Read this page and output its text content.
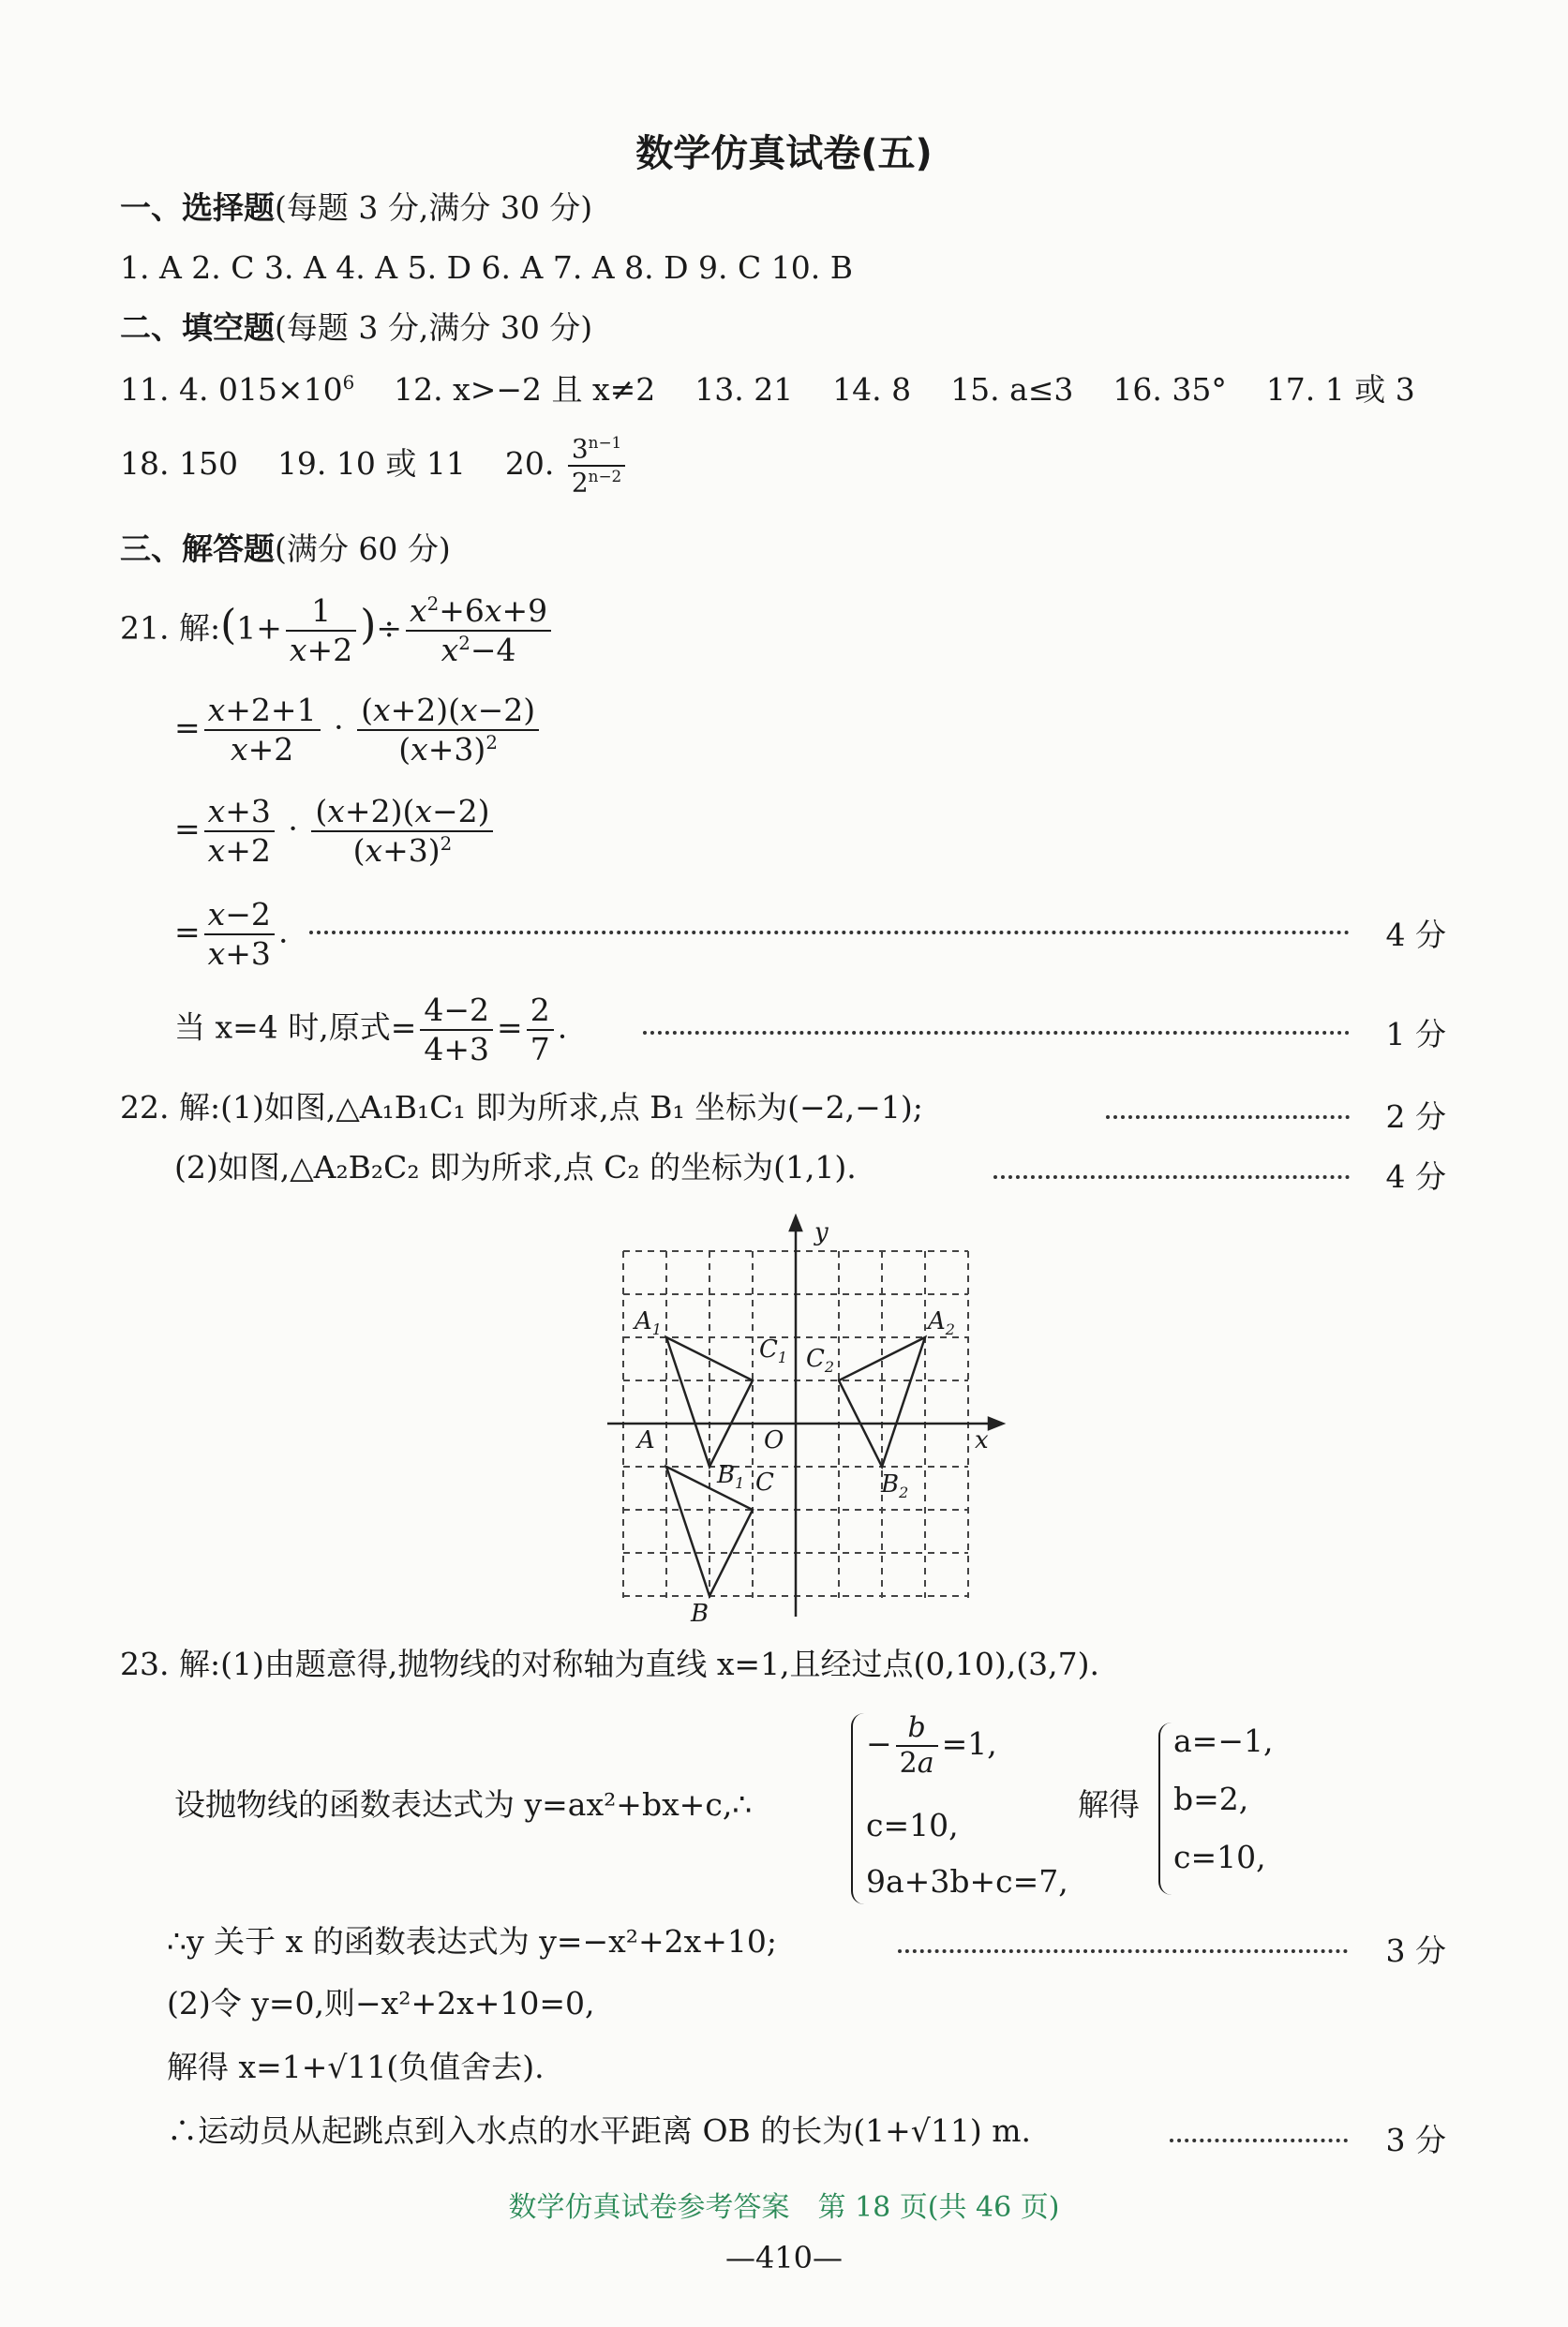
数学仿真试卷(五)
一、选择题(每题 3 分,满分 30 分)
1. A 2. C 3. A 4. A 5. D 6. A 7. A 8. D 9. C 10. B
二、填空题(每题 3 分,满分 30 分)
11. 4. $015\times 10^6$ 12. x>−2 且 x≠2 13. 21 14. 8 15. a≤3 16. 35° 17. 1 或 3
18. 150 19. 10 或 11 20. $\frac{3^{n-1}}{2^{n-2}}$
三、解答题(满分 60 分)
21. 解:(1+ $\frac{1}{x+2}$ )÷ $\frac{x^2+6x+9}{x^2-4}$
= $\frac{x+2+1}{x+2} \cdot \frac{(x+2)(x-2)}{(x+3)^2}$
= $\frac{x+3}{x+2} \cdot \frac{(x+2)(x-2)}{(x+3)^2}$
= $\frac{x-2}{x+3}$ .	4 分
当 x=4 时,原式= $\frac{4-2}{4+3} = \frac{2}{7}$ .	1 分
22. 解:(1)如图,△A₁B₁C₁ 即为所求,点 B₁ 坐标为(−2,−1);	2 分
(2)如图,△A₂B₂C₂ 即为所求,点 C₂ 的坐标为(1,1).	4 分
y
x
O
$A_1$
$C_1$
$A_2$
$C_2$
A
$B_1$ C	$B_2$
B
23. 解:(1)由题意得,抛物线的对称轴为直线 x=1,且经过点(0,10),(3,7).
设抛物线的函数表达式为 y=ax²+bx+c,∴
− $\frac{b}{2a} =1$,
c=10,
9a+3b+c=7,
解得
a=−1,
b=2,
c=10,
∴y 关于 x 的函数表达式为 y=−x²+2x+10;	3 分
(2)令 y=0,则−x²+2x+10=0,
解得 x=1+√11(负值舍去).
∴运动员从起跳点到入水点的水平距离 OB 的长为(1+√11) m.	3 分
数学仿真试卷参考答案　第 18 页(共 46 页)
—410—
